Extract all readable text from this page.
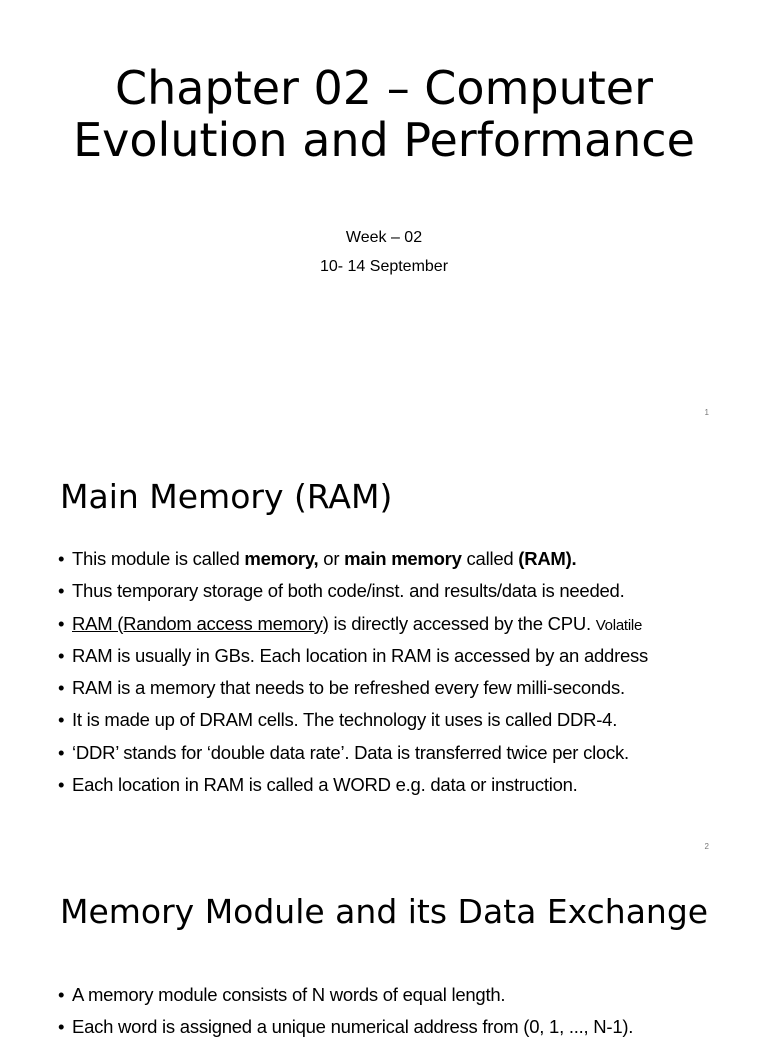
Chapter 02 – Computer Evolution and Performance
Week – 02
10- 14 September
1
Main Memory (RAM)
• This module is called memory, or main memory called (RAM).
• Thus temporary storage of both code/inst. and results/data is needed.
• RAM (Random access memory) is directly accessed by the CPU. Volatile
• RAM is usually in GBs. Each location in RAM is accessed by an address
• RAM is a memory that needs to be refreshed every few milli-seconds.
• It is made up of DRAM cells. The technology it uses is called DDR-4.
• ‘DDR’ stands for ‘double data rate’. Data is transferred twice per clock.
• Each location in RAM is called a WORD e.g. data or instruction.
2
Memory Module and its Data Exchange
• A memory module consists of N words of equal length.
• Each word is assigned a unique numerical address from (0, 1, ..., N-1).
